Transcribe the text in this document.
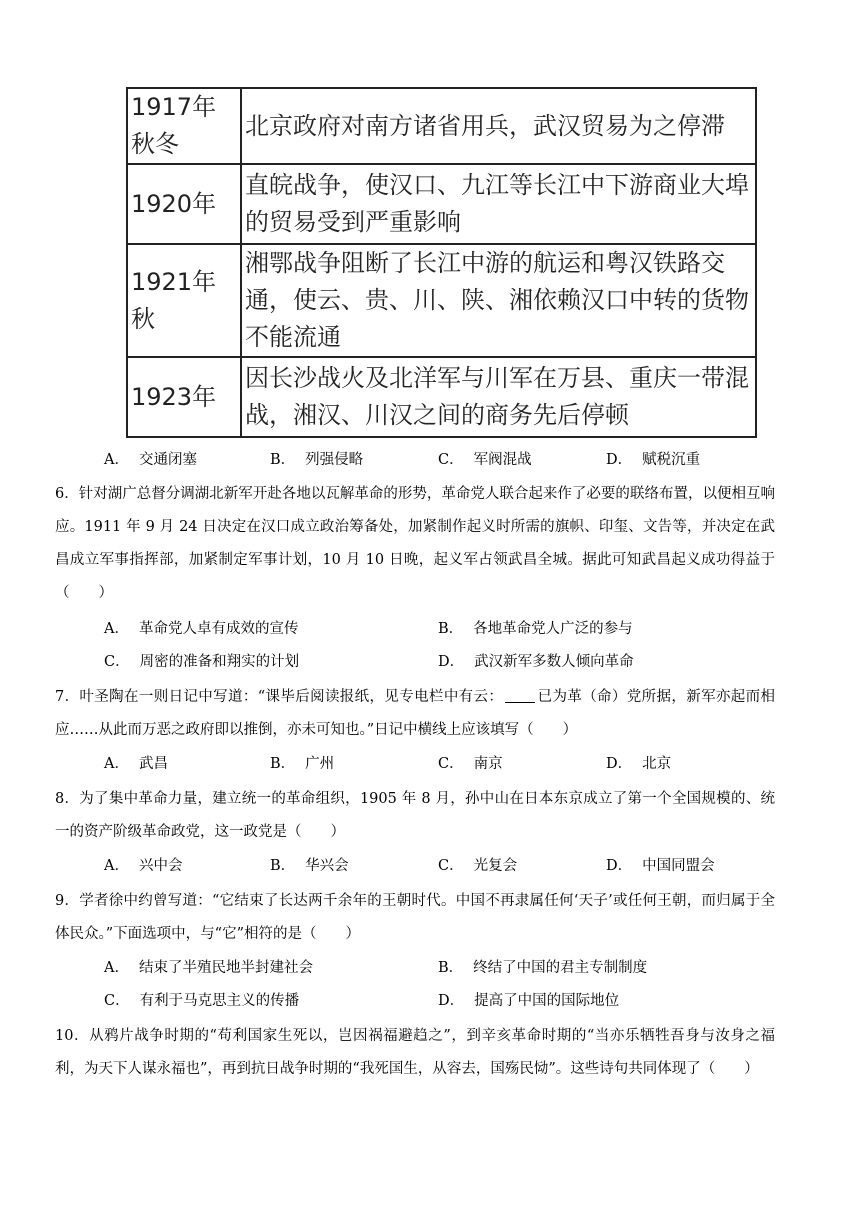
1917年秋冬	北京政府对南方诸省用兵，武汉贸易为之停滞
1920年	直皖战争，使汉口、九江等长江中下游商业大埠的贸易受到严重影响
1921年秋	湘鄂战争阻断了长江中游的航运和粤汉铁路交通，使云、贵、川、陕、湘依赖汉口中转的货物不能流通
1923年	因长沙战火及北洋军与川军在万县、重庆一带混战，湘汉、川汉之间的商务先后停顿
A． 交通闭塞	B． 列强侵略	C． 军阀混战	D． 赋税沉重

6．针对湖广总督分调湖北新军开赴各地以瓦解革命的形势，革命党人联合起来作了必要的联络布置，以便相互响应。1911 年 9 月 24 日决定在汉口成立政治筹备处，加紧制作起义时所需的旗帜、印玺、文告等，并决定在武昌成立军事指挥部，加紧制定军事计划，10 月 10 日晚，起义军占领武昌全城。据此可知武昌起义成功得益于（　　）

A． 革命党人卓有成效的宣传	B． 各地革命党人广泛的参与
C． 周密的准备和翔实的计划	D． 武汉新军多数人倾向革命

7．叶圣陶在一则日记中写道：“课毕后阅读报纸，见专电栏中有云： 已为革（命）党所据，新军亦起而相应……从此而万恶之政府即以推倒，亦未可知也。”日记中横线上应该填写（　　）

A． 武昌	B． 广州	C． 南京	D． 北京

8．为了集中革命力量，建立统一的革命组织，1905 年 8 月，孙中山在日本东京成立了第一个全国规模的、统一的资产阶级革命政党，这一政党是（　　）

A． 兴中会	B． 华兴会	C． 光复会	D． 中国同盟会

9．学者徐中约曾写道：“它结束了长达两千余年的王朝时代。中国不再隶属任何‘天子’或任何王朝，而归属于全体民众。”下面选项中，与“它”相符的是（　　）

A． 结束了半殖民地半封建社会	B． 终结了中国的君主专制制度
C． 有利于马克思主义的传播	D． 提高了中国的国际地位

10．从鸦片战争时期的“苟利国家生死以，岂因祸福避趋之”，到辛亥革命时期的“当亦乐牺牲吾身与汝身之福利，为天下人谋永福也”，再到抗日战争时期的“我死国生，从容去，国殇民恸”。这些诗句共同体现了（　　）
